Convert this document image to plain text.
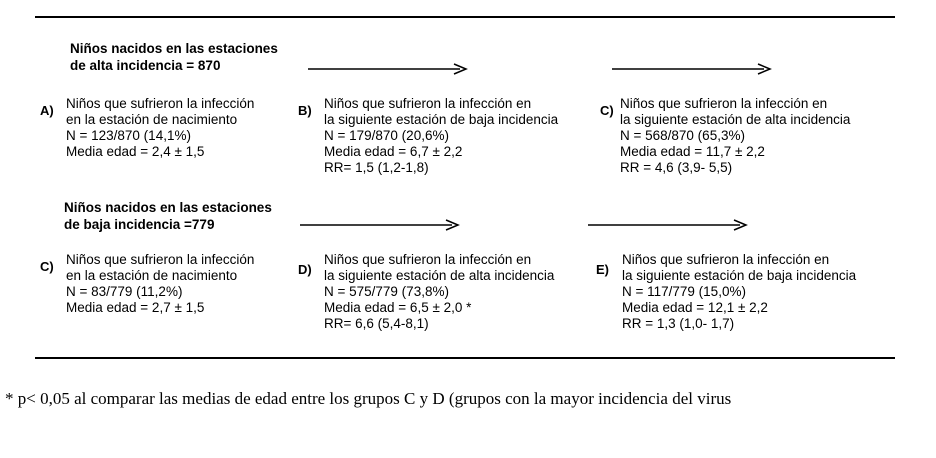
Niños nacidos en las estaciones
de alta incidencia = 870
A) Niños que sufrieron la infección
en la estación de nacimiento
N = 123/870 (14,1%)
Media edad = 2,4 ± 1,5
B) Niños que sufrieron la infección en
la siguiente estación de baja incidencia
N = 179/870 (20,6%)
Media edad = 6,7 ± 2,2
RR= 1,5 (1,2-1,8)
C) Niños que sufrieron la infección en
la siguiente estación de alta incidencia
N = 568/870 (65,3%)
Media edad = 11,7 ± 2,2
RR = 4,6 (3,9- 5,5)
Niños nacidos en las estaciones
de baja incidencia =779
C) Niños que sufrieron la infección
en la estación de nacimiento
N = 83/779 (11,2%)
Media edad = 2,7 ± 1,5
D)
Niños que sufrieron la infección en
la siguiente estación de alta incidencia
N = 575/779 (73,8%)
Media edad = 6,5 ± 2,0 *
RR= 6,6 (5,4-8,1)
E)
Niños que sufrieron la infección en
la siguiente estación de baja incidencia
N = 117/779 (15,0%)
Media edad = 12,1 ± 2,2
RR = 1,3 (1,0- 1,7)
* p< 0,05 al comparar las medias de edad entre los grupos C y D (grupos con la mayor incidencia del virus
